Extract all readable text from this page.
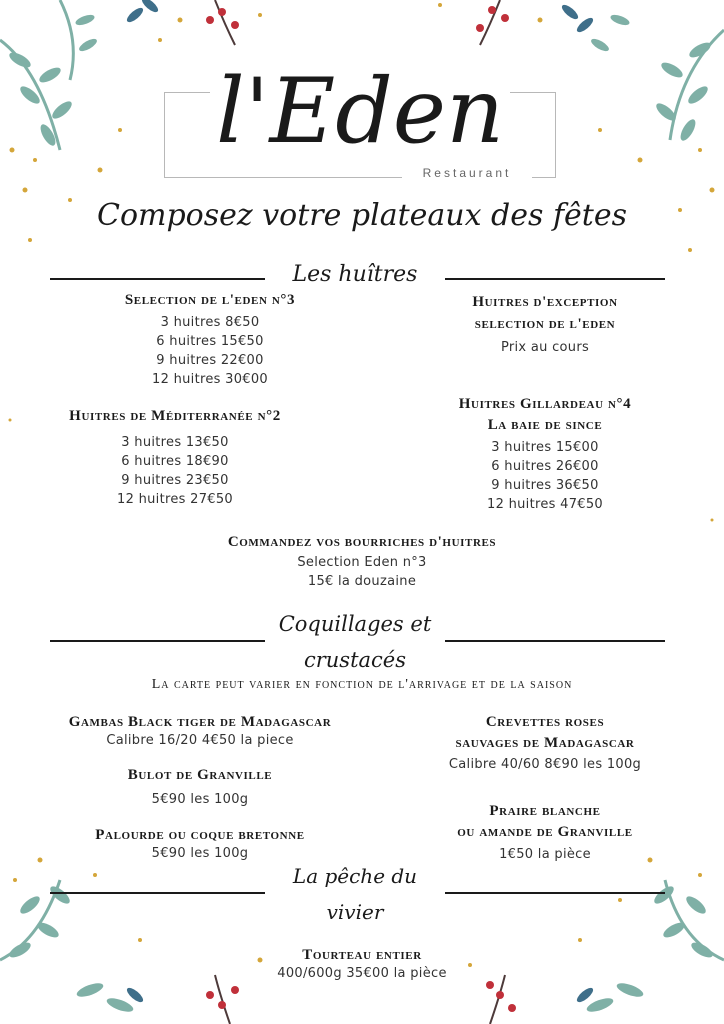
l'Eden
Restaurant
Composez votre plateaux des fêtes
Les huîtres
Selection de l'eden n°3
3 huitres 8€50
6 huitres 15€50
9 huitres 22€00
12 huitres 30€00
Huitres d'exception
selection de l'eden
Prix au cours
Huitres de Méditerranée n°2
3 huitres 13€50
6 huitres 18€90
9 huitres 23€50
12 huitres 27€50
Huitres Gillardeau n°4
La baie de since
3 huitres 15€00
6 huitres 26€00
9 huitres 36€50
12 huitres 47€50
Commandez vos bourriches d'huitres
Selection Eden n°3
15€ la douzaine
Coquillages et
crustacés
La carte peut varier en fonction de l'arrivage et de la saison
Gambas Black tiger de Madagascar
Calibre 16/20 4€50 la piece
Crevettes roses
sauvages de Madagascar
Calibre 40/60 8€90 les 100g
Bulot de Granville
5€90 les 100g
Praire blanche
ou amande de Granville
1€50 la pièce
Palourde ou coque bretonne
5€90 les 100g
La pêche du
vivier
Tourteau entier
400/600g 35€00 la pièce
